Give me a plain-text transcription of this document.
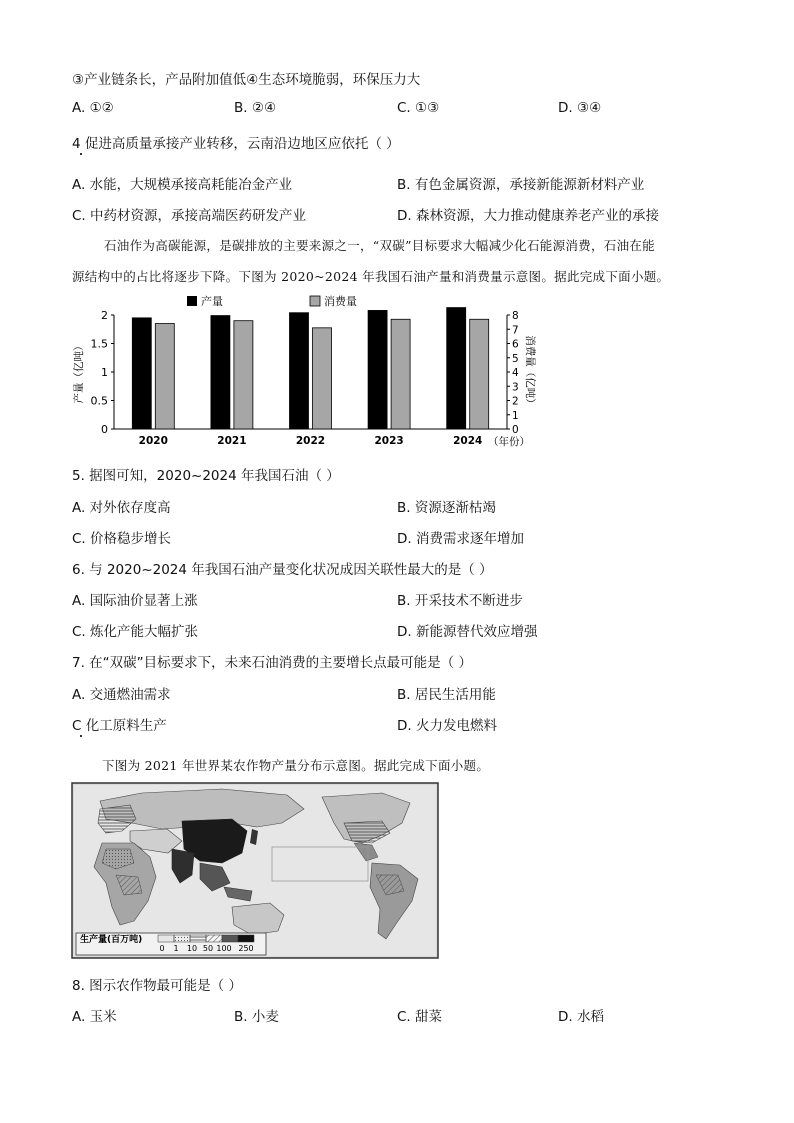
③产业链条长，产品附加值低④生态环境脆弱，环保压力大
A. ①②	B. ②④	C. ①③	D. ③④
4 促进高质量承接产业转移，云南沿边地区应依托（ ）
A. 水能，大规模承接高耗能冶金产业	B. 有色金属资源，承接新能源新材料产业
C. 中药材资源，承接高端医药研发产业	D. 森林资源，大力推动健康养老产业的承接
石油作为高碳能源，是碳排放的主要来源之一，“双碳”目标要求大幅减少化石能源消费，石油在能
源结构中的占比将逐步下降。下图为 2020~2024 年我国石油产量和消费量示意图。据此完成下面小题。
产量	消费量
0
0.5
1
1.5
2
0
1
2
3
4
5
6
7
8
2020	2021	2022	2023	2024
产量（亿吨）	消费量（亿吨）
（年份）
5. 据图可知，2020~2024 年我国石油（ ）
A. 对外依存度高	B. 资源逐渐枯竭
C. 价格稳步增长	D. 消费需求逐年增加
6. 与 2020~2024 年我国石油产量变化状况成因关联性最大的是（ ）
A. 国际油价显著上涨	B. 开采技术不断进步
C. 炼化产能大幅扩张	D. 新能源替代效应增强
7. 在“双碳”目标要求下，未来石油消费的主要增长点最可能是（ ）
A. 交通燃油需求	B. 居民生活用能
C 化工原料生产	D. 火力发电燃料
下图为 2021 年世界某农作物产量分布示意图。据此完成下面小题。
生产量(百万吨)
0 1 10 50 100 250
8. 图示农作物最可能是（ ）
A. 玉米	B. 小麦	C. 甜菜	D. 水稻
